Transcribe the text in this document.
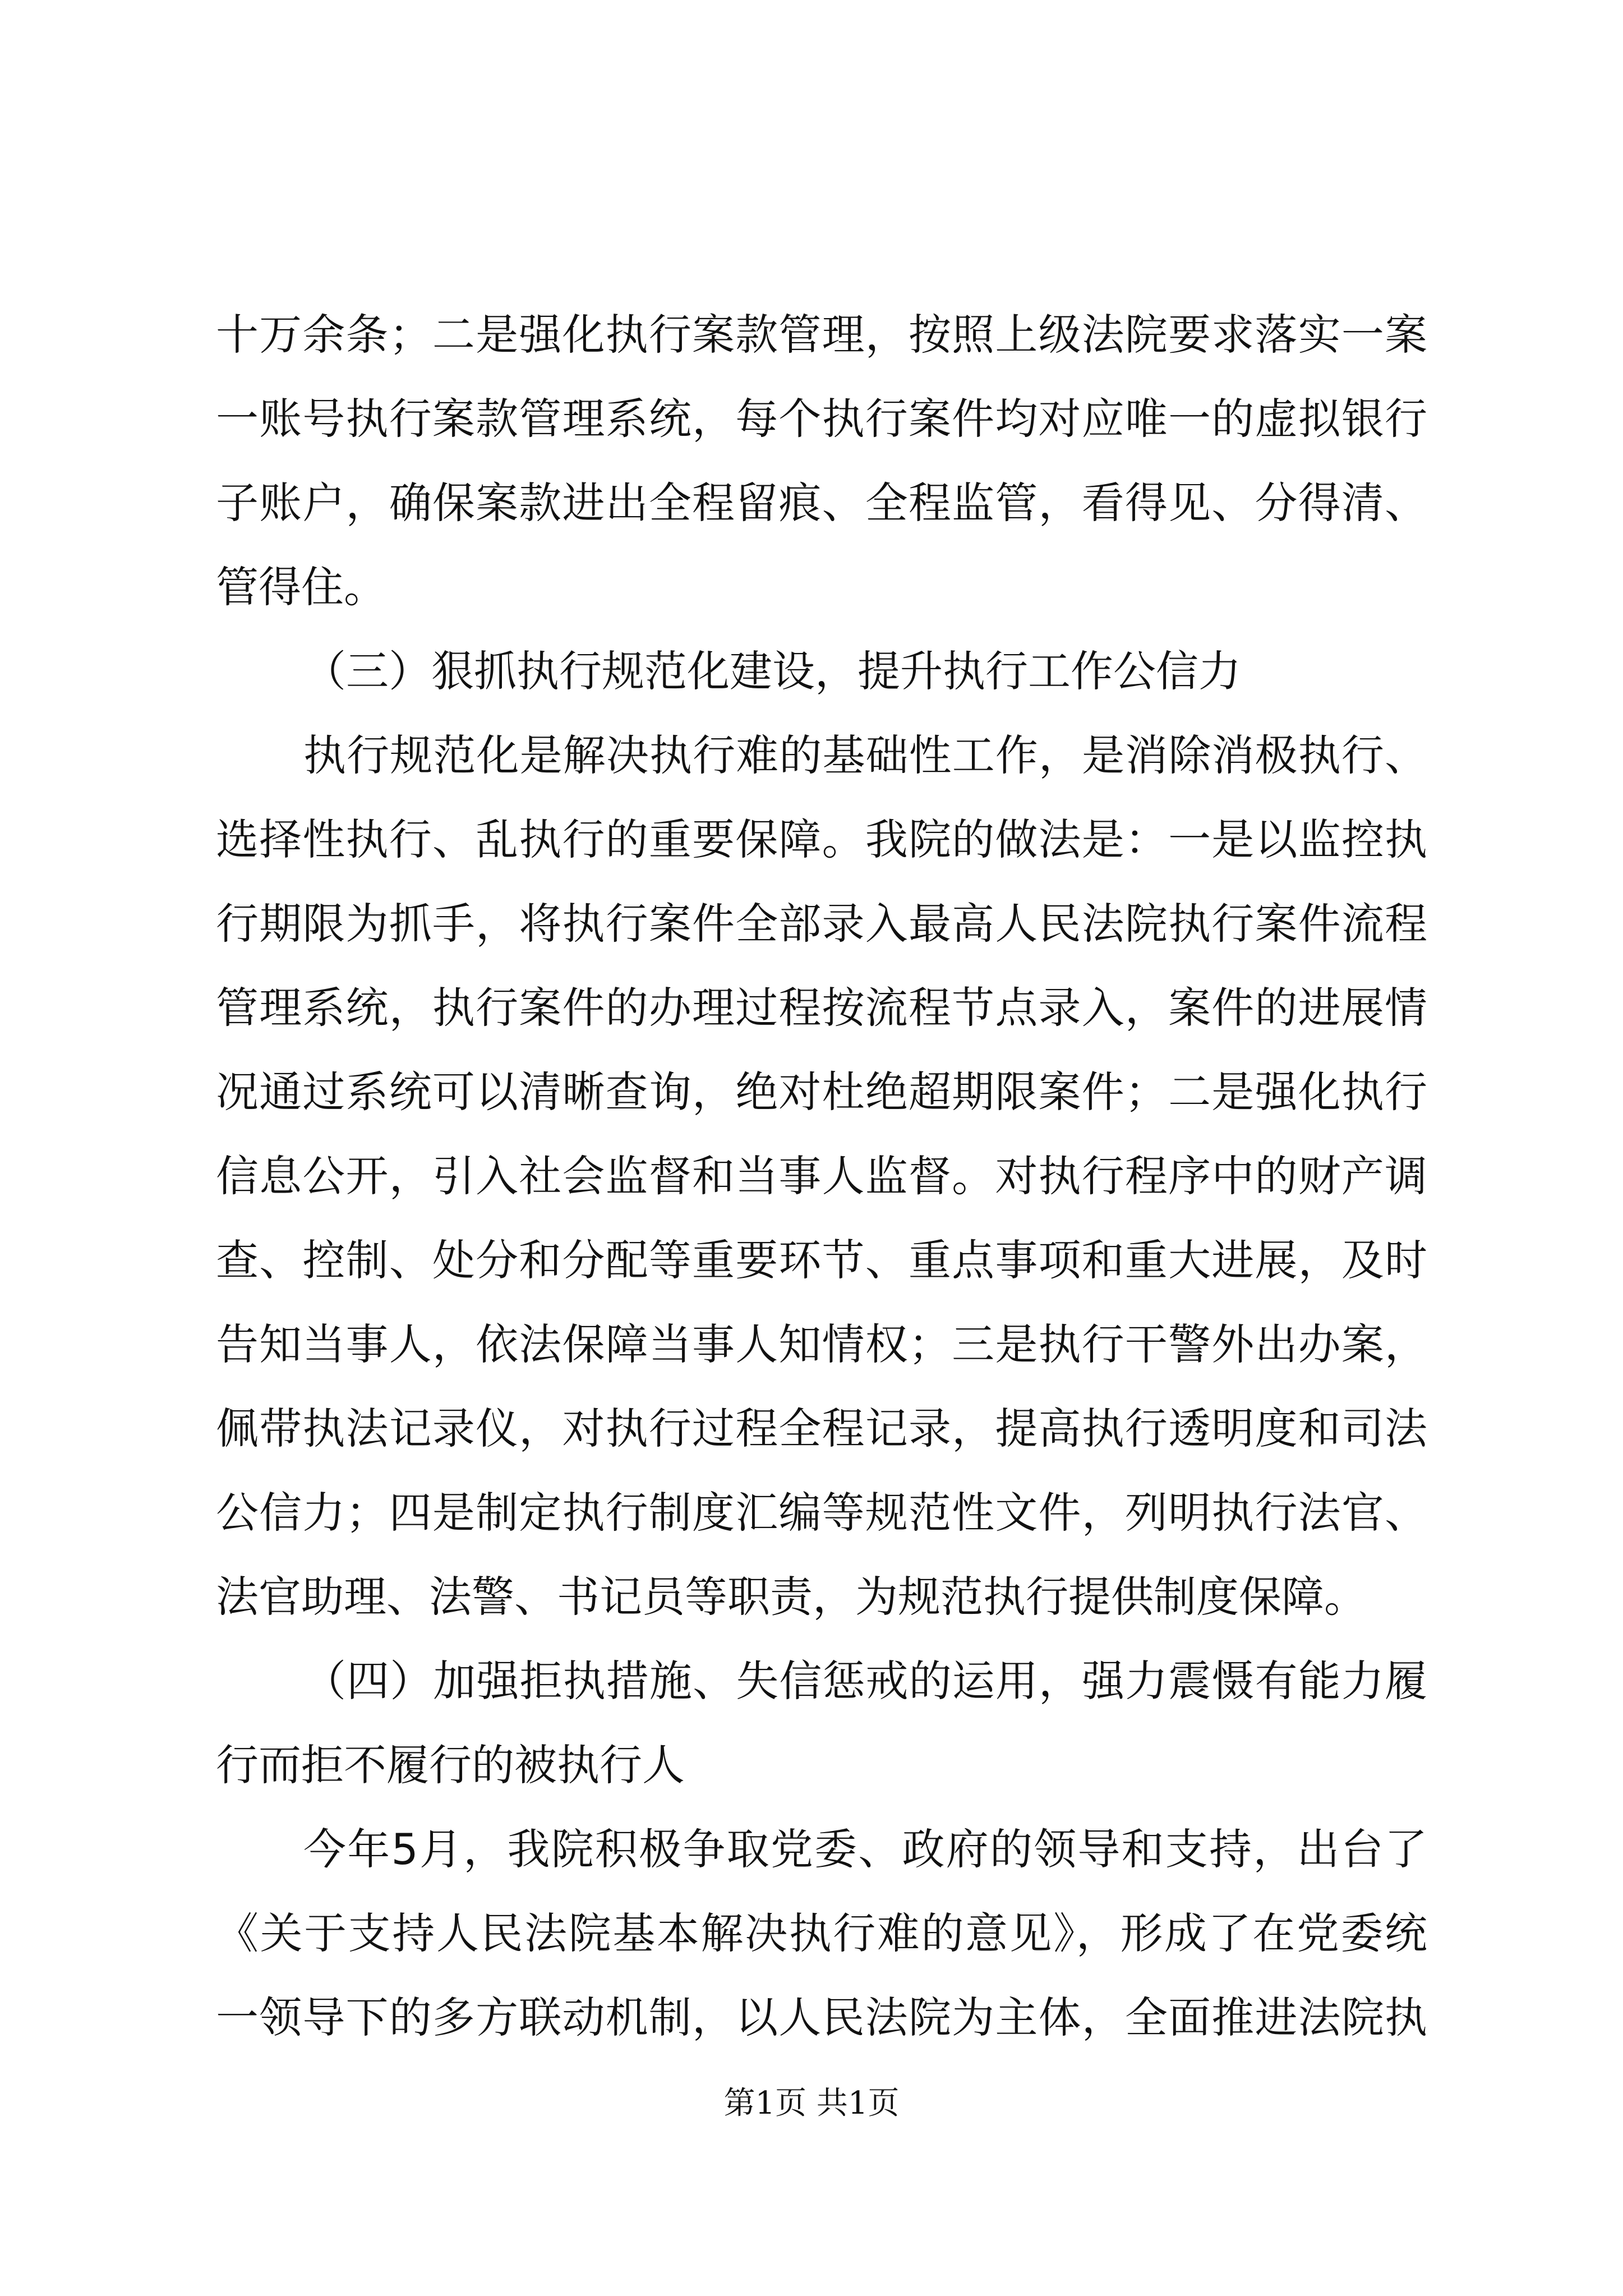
十万余条；二是强化执行案款管理，按照上级法院要求落实一案
一账号执行案款管理系统，每个执行案件均对应唯一的虚拟银行
子账户，确保案款进出全程留痕、全程监管，看得见、分得清、
管得住。
（三）狠抓执行规范化建设，提升执行工作公信力
执行规范化是解决执行难的基础性工作，是消除消极执行、
选择性执行、乱执行的重要保障。我院的做法是：一是以监控执
行期限为抓手，将执行案件全部录入最高人民法院执行案件流程
管理系统，执行案件的办理过程按流程节点录入，案件的进展情
况通过系统可以清晰查询，绝对杜绝超期限案件；二是强化执行
信息公开，引入社会监督和当事人监督。对执行程序中的财产调
查、控制、处分和分配等重要环节、重点事项和重大进展，及时
告知当事人，依法保障当事人知情权；三是执行干警外出办案，
佩带执法记录仪，对执行过程全程记录，提高执行透明度和司法
公信力；四是制定执行制度汇编等规范性文件，列明执行法官、
法官助理、法警、书记员等职责，为规范执行提供制度保障。
（四）加强拒执措施、失信惩戒的运用，强力震慑有能力履
行而拒不履行的被执行人
今年5月，我院积极争取党委、政府的领导和支持，出台了
《关于支持人民法院基本解决执行难的意见》，形成了在党委统
一领导下的多方联动机制，以人民法院为主体，全面推进法院执
第1页 共1页
